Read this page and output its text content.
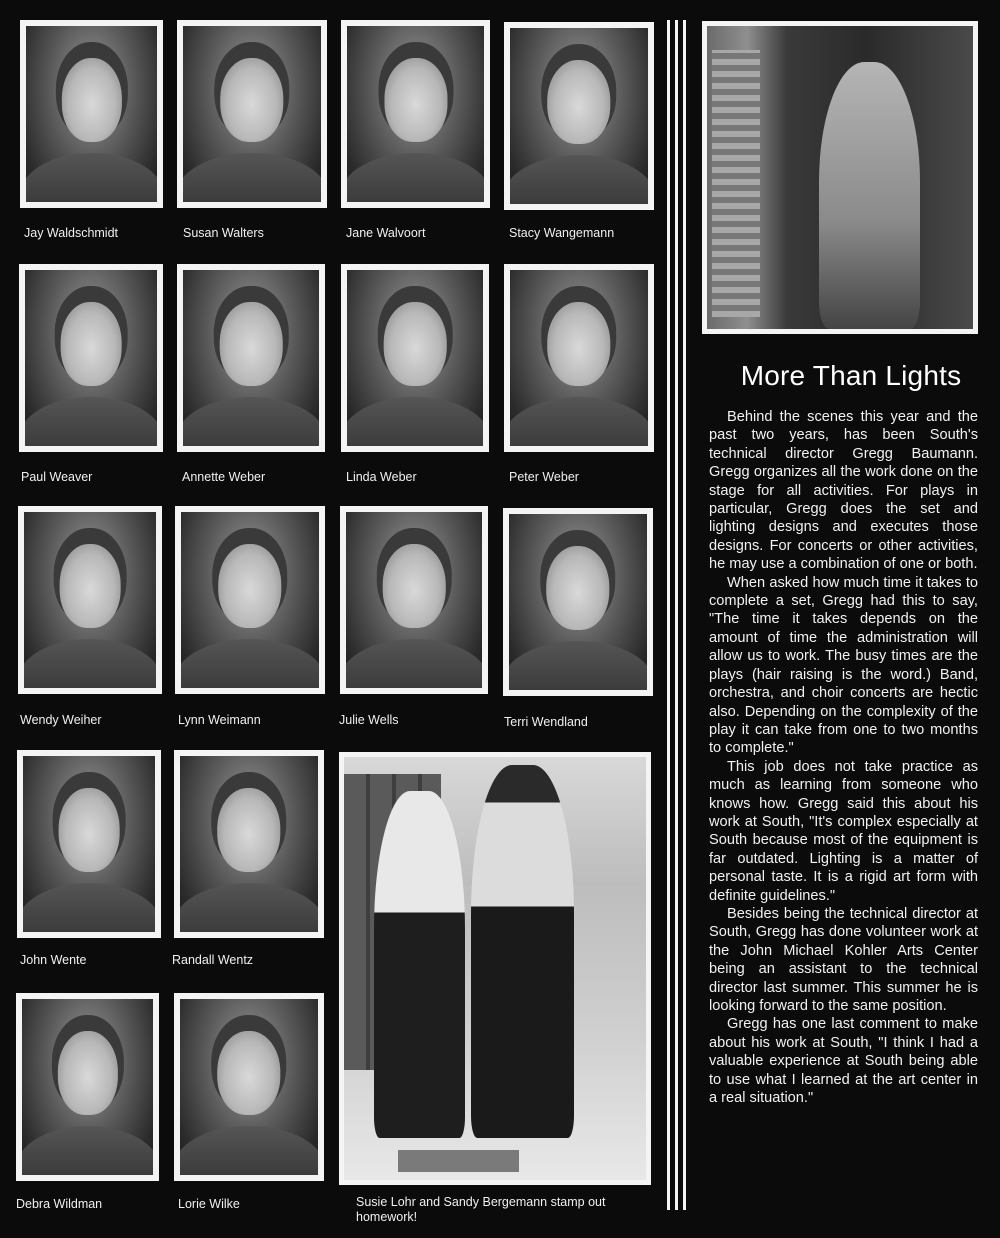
Jay Waldschmidt	Susan Walters	Jane Walvoort	Stacy Wangemann
Paul Weaver	Annette Weber	Linda Weber	Peter Weber
Wendy Weiher	Lynn Weimann	Julie Wells	Terri Wendland
John Wente	Randall Wentz
Debra Wildman	Lorie Wilke	Susie Lohr and Sandy Bergemann stamp out homework!
More Than Lights

Behind the scenes this year and the past two years, has been South's technical director Gregg Baumann. Gregg organizes all the work done on the stage for all activities. For plays in particular, Gregg does the set and lighting designs and executes those designs. For concerts or other activities, he may use a combination of one or both.

When asked how much time it takes to complete a set, Gregg had this to say, "The time it takes depends on the amount of time the administration will allow us to work. The busy times are the plays (hair raising is the word.) Band, orchestra, and choir concerts are hectic also. Depending on the complexity of the play it can take from one to two months to complete."

This job does not take practice as much as learning from someone who knows how. Gregg said this about his work at South, "It's complex especially at South because most of the equipment is far outdated. Lighting is a matter of personal taste. It is a rigid art form with definite guidelines."

Besides being the technical director at South, Gregg has done volunteer work at the John Michael Kohler Arts Center being an assistant to the technical director last summer. This summer he is looking forward to the same position.

Gregg has one last comment to make about his work at South, "I think I had a valuable experience at South being able to use what I learned at the art center in a real situation."
